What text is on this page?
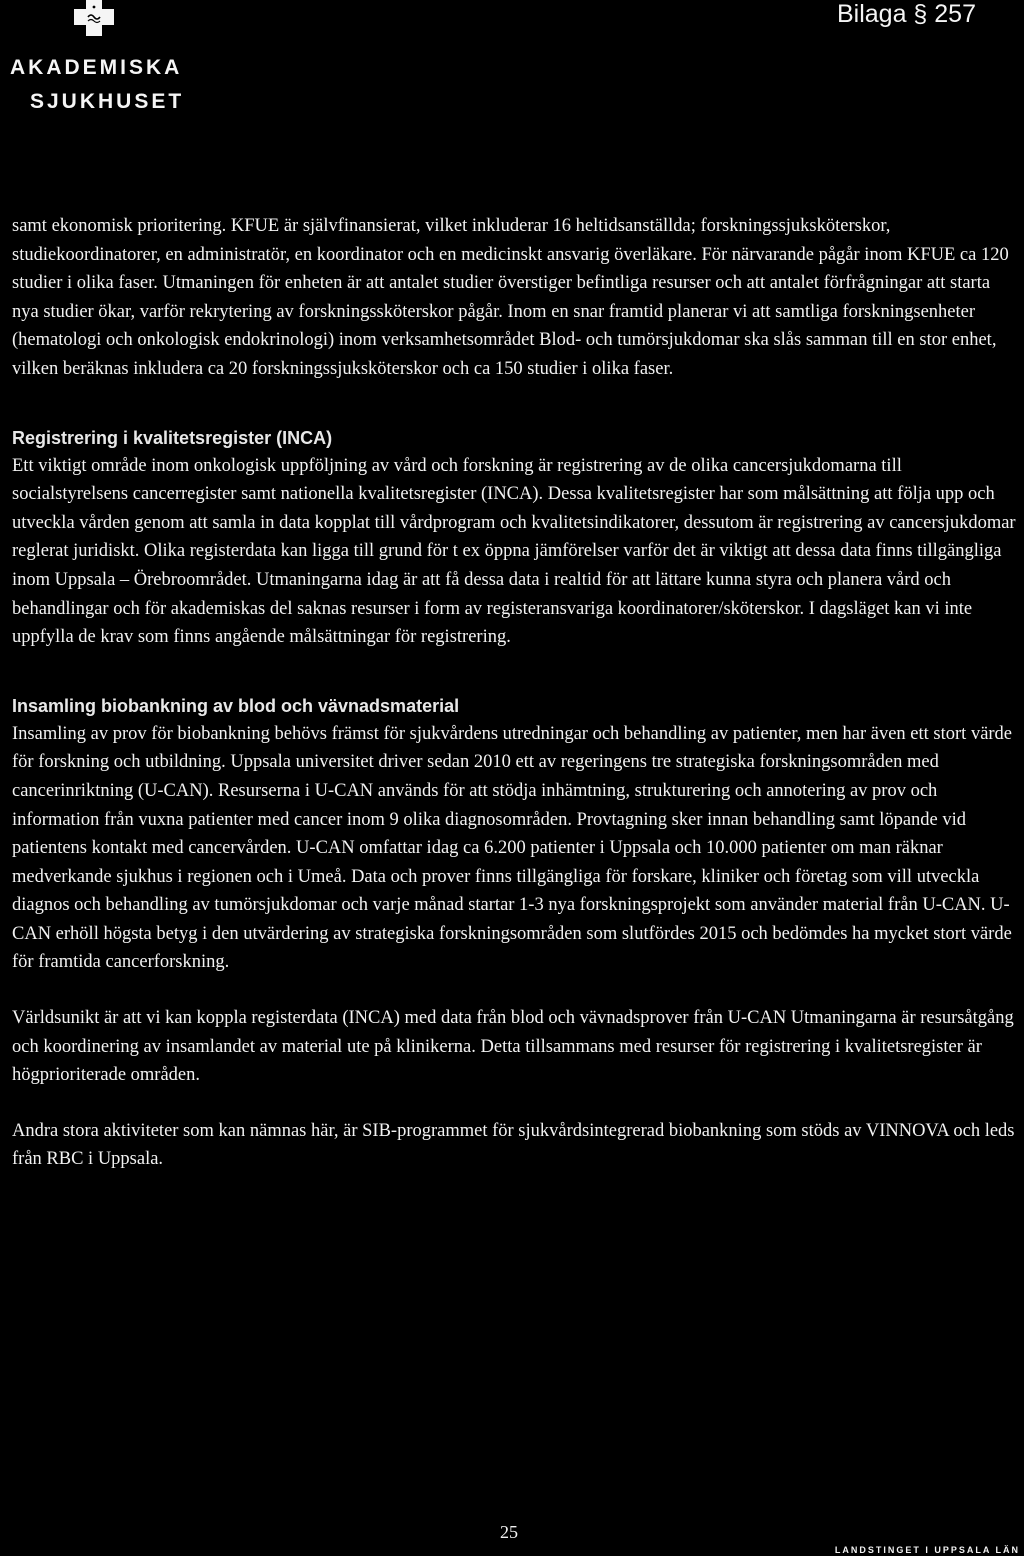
AKADEMISKA
SJUKHUSET
Bilaga § 257

samt ekonomisk prioritering. KFUE är självfinansierat, vilket inkluderar 16 heltidsanställda; forskningssjuksköterskor, studiekoordinatorer, en administratör, en koordinator och en medicinskt ansvarig överläkare. För närvarande pågår inom KFUE ca 120 studier i olika faser. Utmaningen för enheten är att antalet studier överstiger befintliga resurser och att antalet förfrågningar att starta nya studier ökar, varför rekrytering av forskningssköterskor pågår. Inom en snar framtid planerar vi att samtliga forskningsenheter (hematologi och onkologisk endokrinologi) inom verksamhetsområdet Blod- och tumörsjukdomar ska slås samman till en stor enhet, vilken beräknas inkludera ca 20 forskningssjuksköterskor och ca 150 studier i olika faser.

Registrering i kvalitetsregister (INCA)

Ett viktigt område inom onkologisk uppföljning av vård och forskning är registrering av de olika cancersjukdomarna till socialstyrelsens cancerregister samt nationella kvalitetsregister (INCA). Dessa kvalitetsregister har som målsättning att följa upp och utveckla vården genom att samla in data kopplat till vårdprogram och kvalitetsindikatorer, dessutom är registrering av cancersjukdomar reglerat juridiskt. Olika registerdata kan ligga till grund för t ex öppna jämförelser varför det är viktigt att dessa data finns tillgängliga inom Uppsala – Örebroområdet. Utmaningarna idag är att få dessa data i realtid för att lättare kunna styra och planera vård och behandlingar och för akademiskas del saknas resurser i form av registeransvariga koordinatorer/sköterskor. I dagsläget kan vi inte uppfylla de krav som finns angående målsättningar för registrering.

Insamling biobankning av blod och vävnadsmaterial

Insamling av prov för biobankning behövs främst för sjukvårdens utredningar och behandling av patienter, men har även ett stort värde för forskning och utbildning. Uppsala universitet driver sedan 2010 ett av regeringens tre strategiska forskningsområden med cancerinriktning (U-CAN). Resurserna i U-CAN används för att stödja inhämtning, strukturering och annotering av prov och information från vuxna patienter med cancer inom 9 olika diagnosområden. Provtagning sker innan behandling samt löpande vid patientens kontakt med cancervården. U-CAN omfattar idag ca 6.200 patienter i Uppsala och 10.000 patienter om man räknar medverkande sjukhus i regionen och i Umeå. Data och prover finns tillgängliga för forskare, kliniker och företag som vill utveckla diagnos och behandling av tumörsjukdomar och varje månad startar 1-3 nya forskningsprojekt som använder material från U-CAN. U-CAN erhöll högsta betyg i den utvärdering av strategiska forskningsområden som slutfördes 2015 och bedömdes ha mycket stort värde för framtida cancerforskning.

Världsunikt är att vi kan koppla registerdata (INCA) med data från blod och vävnadsprover från U-CAN Utmaningarna är resursåtgång och koordinering av insamlandet av material ute på klinikerna. Detta tillsammans med resurser för registrering i kvalitetsregister är högprioriterade områden.

Andra stora aktiviteter som kan nämnas här, är SIB-programmet för sjukvårdsintegrerad biobankning som stöds av VINNOVA och leds från RBC i Uppsala.

25
LANDSTINGET I UPPSALA LÄN
